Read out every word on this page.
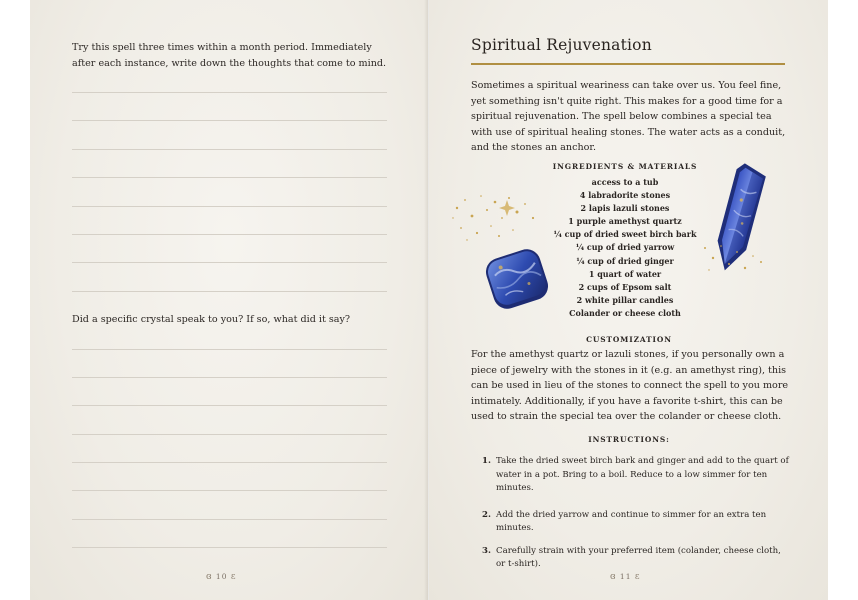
Try this spell three times within a month period. Immediately after each instance, write down the thoughts that come to mind.
Did a specific crystal speak to you? If so, what did it say?
ɞ 10 ɛ
Spiritual Rejuvenation
Sometimes a spiritual weariness can take over us. You feel fine, yet something isn't quite right. This makes for a good time for a spiritual rejuvenation. The spell below combines a special tea with use of spiritual healing stones. The water acts as a conduit, and the stones an anchor.
INGREDIENTS & MATERIALS
access to a tub
4 labradorite stones
2 lapis lazuli stones
1 purple amethyst quartz
¼ cup of dried sweet birch bark
¼ cup of dried yarrow
¼ cup of dried ginger
1 quart of water
2 cups of Epsom salt
2 white pillar candles
Colander or cheese cloth
CUSTOMIZATION
For the amethyst quartz or lazuli stones, if you personally own a piece of jewelry with the stones in it (e.g. an amethyst ring), this can be used in lieu of the stones to connect the spell to you more intimately. Additionally, if you have a favorite t-shirt, this can be used to strain the special tea over the colander or cheese cloth.
INSTRUCTIONS:
1. Take the dried sweet birch bark and ginger and add to the quart of water in a pot. Bring to a boil. Reduce to a low simmer for ten minutes.
2. Add the dried yarrow and continue to simmer for an extra ten minutes.
3. Carefully strain with your preferred item (colander, cheese cloth, or t-shirt).
ɞ 11 ɛ
